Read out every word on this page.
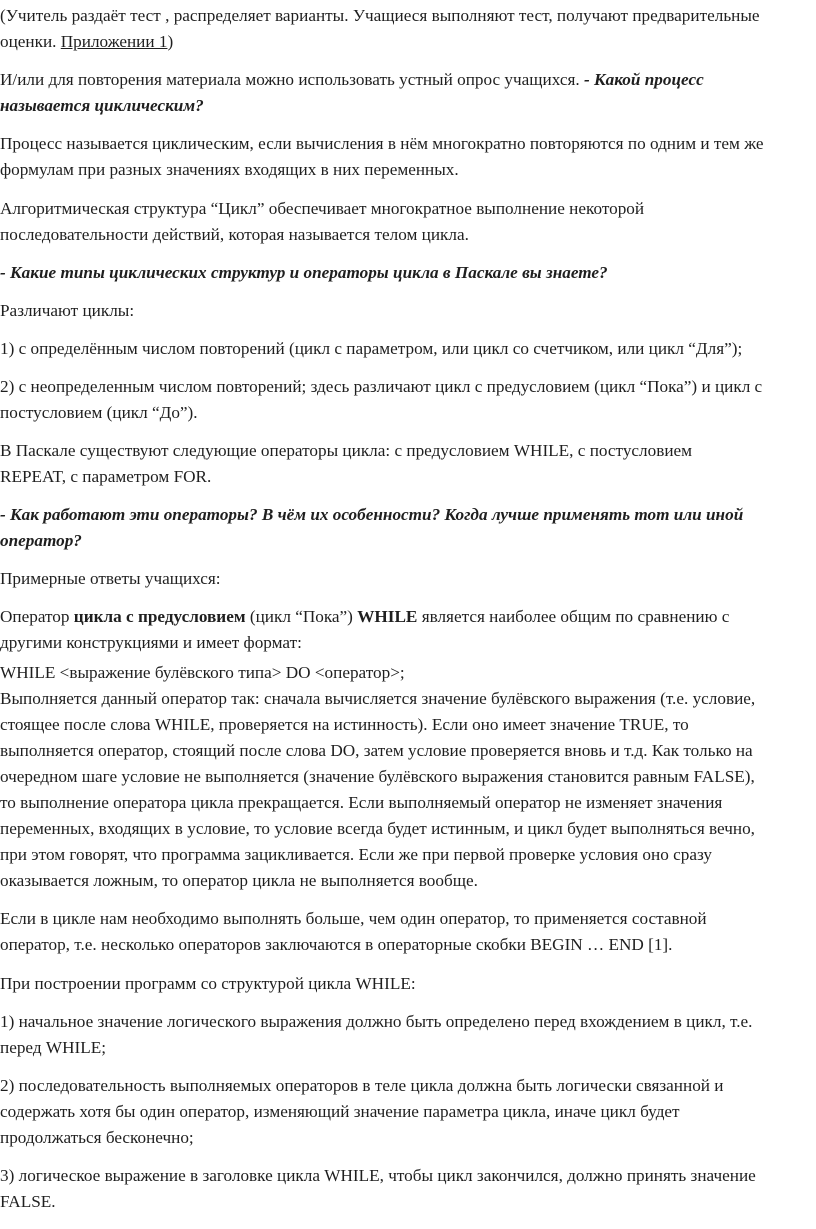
(Учитель раздаёт тест , распределяет варианты. Учащиеся выполняют тест, получают предварительные
оценки. Приложении 1)
И/или для повторения материала можно использовать устный опрос учащихся. - Какой процесс
называется циклическим?
Процесс называется циклическим, если вычисления в нём многократно повторяются по одним и тем же
формулам при разных значениях входящих в них переменных.
Алгоритмическая структура “Цикл” обеспечивает многократное выполнение некоторой
последовательности действий, которая называется телом цикла.
- Какие типы циклических структур и операторы цикла в Паскале вы знаете?
Различают циклы:
1) с определённым числом повторений (цикл с параметром, или цикл со счетчиком, или цикл “Для”);
2) с неопределенным числом повторений; здесь различают цикл с предусловием (цикл “Пока”) и цикл с
постусловием (цикл “До”).
В Паскале существуют следующие операторы цикла: с предусловием WHILE, с постусловием
REPEAT, с параметром FOR.
- Как работают эти операторы? В чём их особенности? Когда лучше применять тот или иной
оператор?
Примерные ответы учащихся:
Оператор цикла с предусловием (цикл “Пока”) WHILE является наиболее общим по сравнению с
другими конструкциями и имеет формат:
WHILE <выражение булёвского типа> DO <оператор>;
Выполняется данный оператор так: сначала вычисляется значение булёвского выражения (т.е. условие,
стоящее после слова WHILE, проверяется на истинность). Если оно имеет значение TRUE, то
выполняется оператор, стоящий после слова DO, затем условие проверяется вновь и т.д. Как только на
очередном шаге условие не выполняется (значение булёвского выражения становится равным FALSE),
то выполнение оператора цикла прекращается. Если выполняемый оператор не изменяет значения
переменных, входящих в условие, то условие всегда будет истинным, и цикл будет выполняться вечно,
при этом говорят, что программа зацикливается. Если же при первой проверке условия оно сразу
оказывается ложным, то оператор цикла не выполняется вообще.
Если в цикле нам необходимо выполнять больше, чем один оператор, то применяется составной
оператор, т.е. несколько операторов заключаются в операторные скобки BEGIN … END [1].
При построении программ со структурой цикла WHILE:
1) начальное значение логического выражения должно быть определено перед вхождением в цикл, т.е.
перед WHILE;
2) последовательность выполняемых операторов в теле цикла должна быть логически связанной и
содержать хотя бы один оператор, изменяющий значение параметра цикла, иначе цикл будет
продолжаться бесконечно;
3) логическое выражение в заголовке цикла WHILE, чтобы цикл закончился, должно принять значение
FALSE.
